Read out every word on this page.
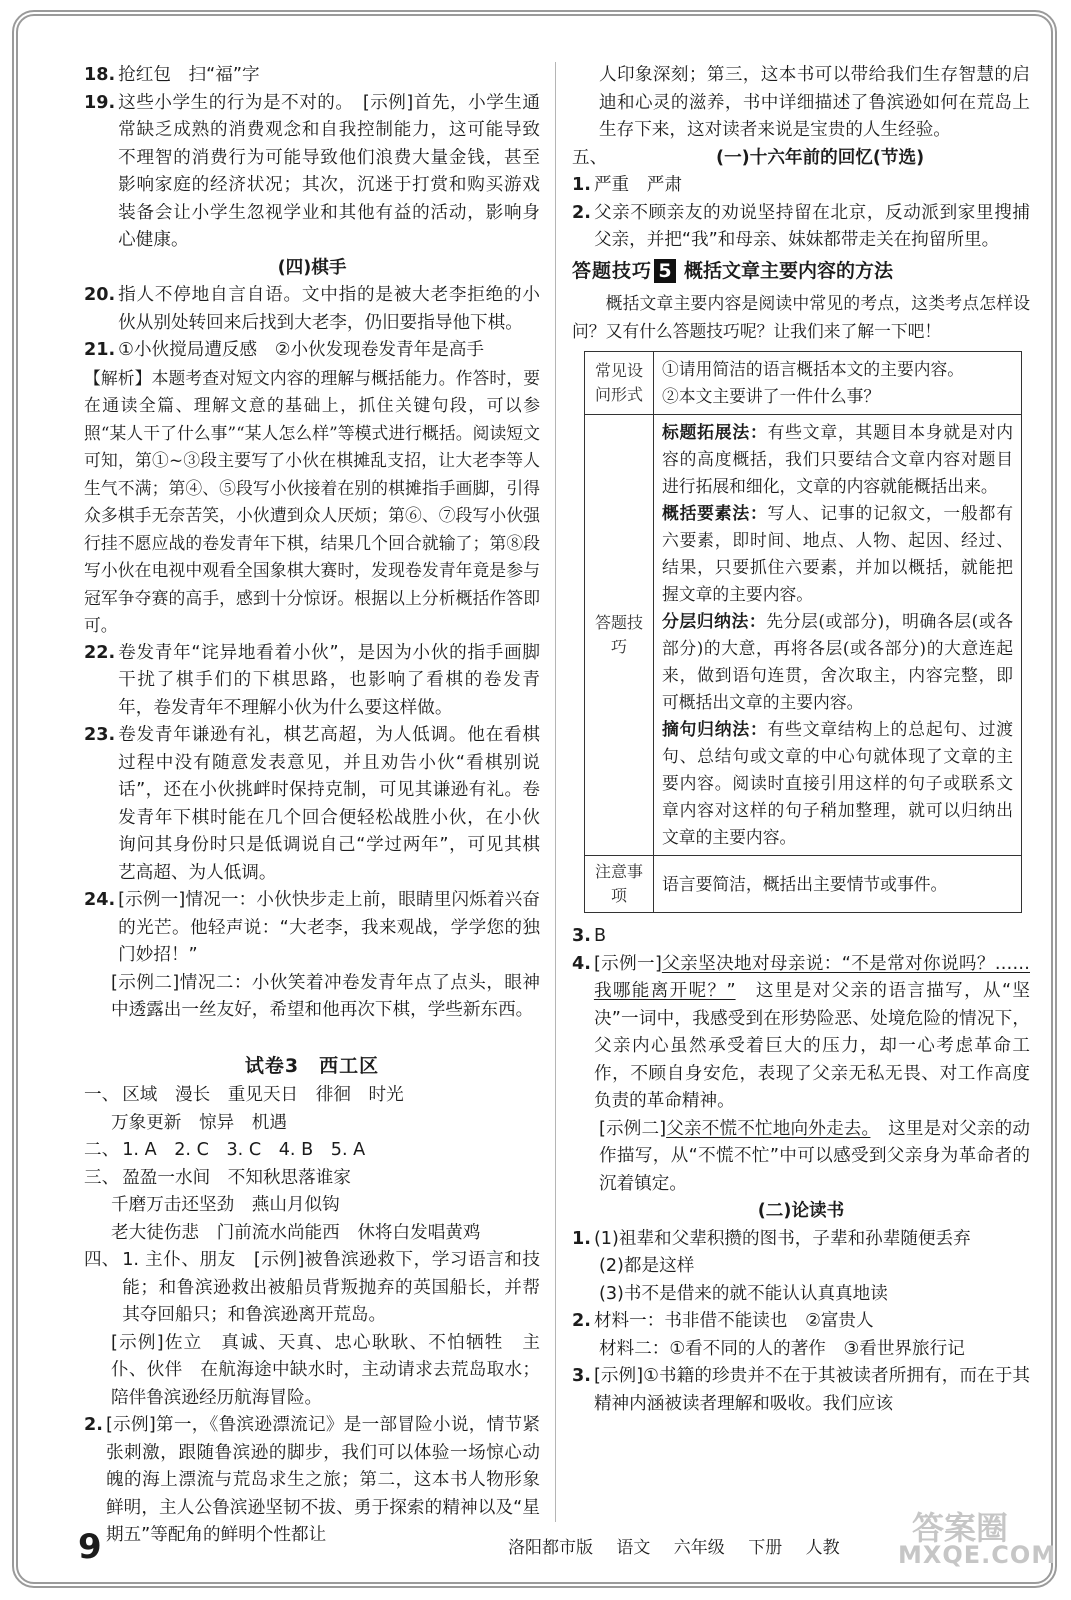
18. 抢红包　扫“福”字
19. 这些小学生的行为是不对的。　[示例]首先，小学生通常缺乏成熟的消费观念和自我控制能力，这可能导致不理智的消费行为可能导致他们浪费大量金钱，甚至影响家庭的经济状况；其次，沉迷于打赏和购买游戏装备会让小学生忽视学业和其他有益的活动，影响身心健康。
(四)棋手
20. 指人不停地自言自语。文中指的是被大老李拒绝的小伙从别处转回来后找到大老李，仍旧要指导他下棋。
21. ①小伙搅局遭反感　②小伙发现卷发青年是高手
【解析】本题考查对短文内容的理解与概括能力。作答时，要在通读全篇、理解文意的基础上，抓住关键句段，可以参照“某人干了什么事”“某人怎么样”等模式进行概括。阅读短文可知，第①~③段主要写了小伙在棋摊乱支招，让大老李等人生气不满；第④、⑤段写小伙接着在别的棋摊指手画脚，引得众多棋手无奈苦笑，小伙遭到众人厌烦；第⑥、⑦段写小伙强行挂不愿应战的卷发青年下棋，结果几个回合就输了；第⑧段写小伙在电视中观看全国象棋大赛时，发现卷发青年竟是参与冠军争夺赛的高手，感到十分惊讶。根据以上分析概括作答即可。
22. 卷发青年“诧异地看着小伙”，是因为小伙的指手画脚干扰了棋手们的下棋思路，也影响了看棋的卷发青年，卷发青年不理解小伙为什么要这样做。
23. 卷发青年谦逊有礼，棋艺高超，为人低调。他在看棋过程中没有随意发表意见，并且劝告小伙“看棋别说话”，还在小伙挑衅时保持克制，可见其谦逊有礼。卷发青年下棋时能在几个回合便轻松战胜小伙，在小伙询问其身份时只是低调说自己“学过两年”，可见其棋艺高超、为人低调。
24. [示例一]情况一：小伙快步走上前，眼睛里闪烁着兴奋的光芒。他轻声说：“大老李，我来观战，学学您的独门妙招！”
[示例二]情况二：小伙笑着冲卷发青年点了点头，眼神中透露出一丝友好，希望和他再次下棋，学些新东西。
试卷3　西工区
一、 区域　漫长　重见天日　徘徊　时光
万象更新　惊异　机遇
二、 1. A　2. C　3. C　4. B　5. A
三、 盈盈一水间　不知秋思落谁家
千磨万击还坚劲　燕山月似钩
老大徒伤悲　门前流水尚能西　休将白发唱黄鸡
四、 1. 主仆、朋友　[示例]被鲁滨逊救下，学习语言和技能；和鲁滨逊救出被船员背叛抛弃的英国船长，并帮其夺回船只；和鲁滨逊离开荒岛。
[示例]佐立　真诚、天真、忠心耿耿、不怕牺牲　主仆、伙伴　在航海途中缺水时，主动请求去荒岛取水；陪伴鲁滨逊经历航海冒险。
2. [示例]第一，《鲁滨逊漂流记》是一部冒险小说，情节紧张刺激，跟随鲁滨逊的脚步，我们可以体验一场惊心动魄的海上漂流与荒岛求生之旅；第二，这本书人物形象鲜明，主人公鲁滨逊坚韧不拔、勇于探索的精神以及“星期五”等配角的鲜明个性都让
人印象深刻；第三，这本书可以带给我们生存智慧的启迪和心灵的滋养，书中详细描述了鲁滨逊如何在荒岛上生存下来，这对读者来说是宝贵的人生经验。
五、	(一)十六年前的回忆(节选)
1. 严重　严肃
2. 父亲不顾亲友的劝说坚持留在北京，反动派到家里搜捕父亲，并把“我”和母亲、妹妹都带走关在拘留所里。
答题技巧 5 概括文章主要内容的方法
概括文章主要内容是阅读中常见的考点，这类考点怎样设问？又有什么答题技巧呢？让我们来了解一下吧！
常见设问形式	①请用简洁的语言概括本文的主要内容。
②本文主要讲了一件什么事？

答题技巧	标题拓展法：有些文章，其题目本身就是对内容的高度概括，我们只要结合文章内容对题目进行拓展和细化，文章的内容就能概括出来。
概括要素法：写人、记事的记叙文，一般都有六要素，即时间、地点、人物、起因、经过、结果，只要抓住六要素，并加以概括，就能把握文章的主要内容。
分层归纳法：先分层(或部分)，明确各层(或各部分)的大意，再将各层(或各部分)的大意连起来，做到语句连贯，舍次取主，内容完整，即可概括出文章的主要内容。
摘句归纳法：有些文章结构上的总起句、过渡句、总结句或文章的中心句就体现了文章的主要内容。阅读时直接引用这样的句子或联系文章内容对这样的句子稍加整理，就可以归纳出文章的主要内容。

注意事项	语言要简洁，概括出主要情节或事件。
3. B
4. [示例一]父亲坚决地对母亲说：“不是常对你说吗？……我哪能离开呢？”　这里是对父亲的语言描写，从“坚决”一词中，我感受到在形势险恶、处境危险的情况下，父亲内心虽然承受着巨大的压力，却一心考虑革命工作，不顾自身安危，表现了父亲无私无畏、对工作高度负责的革命精神。
[示例二]父亲不慌不忙地向外走去。　这里是对父亲的动作描写，从“不慌不忙”中可以感受到父亲身为革命者的沉着镇定。
(二)论读书
1. (1)祖辈和父辈积攒的图书，子辈和孙辈随便丢弃
(2)都是这样
(3)书不是借来的就不能认认真真地读
2. 材料一：书非借不能读也　②富贵人
材料二：①看不同的人的著作　③看世界旅行记
3. [示例]①书籍的珍贵并不在于其被读者所拥有，而在于其精神内涵被读者理解和吸收。我们应该
9	洛阳都市版 语文 六年级 下册 人教
答案圈
MXQE.COM
